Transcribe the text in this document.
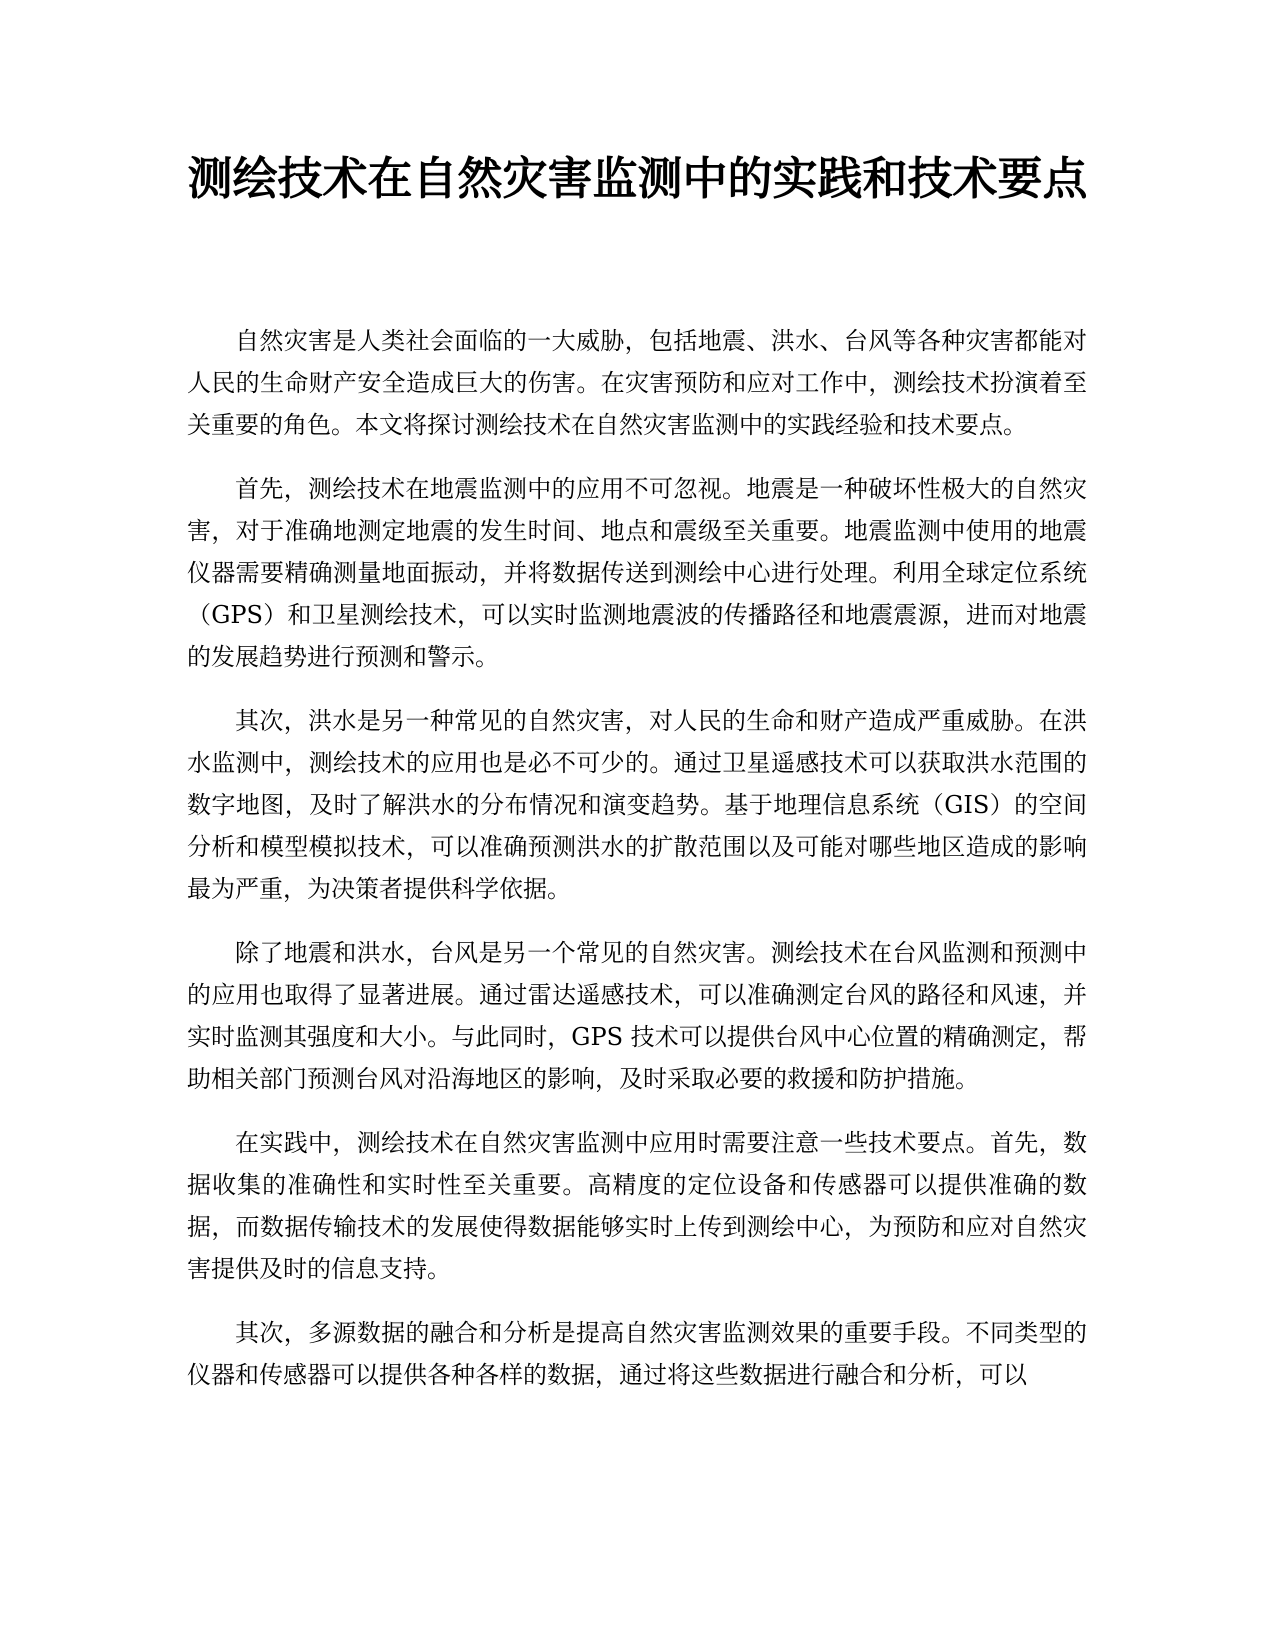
测绘技术在自然灾害监测中的实践和技术要点

自然灾害是人类社会面临的一大威胁，包括地震、洪水、台风等各种灾害都能对人民的生命财产安全造成巨大的伤害。在灾害预防和应对工作中，测绘技术扮演着至关重要的角色。本文将探讨测绘技术在自然灾害监测中的实践经验和技术要点。

首先，测绘技术在地震监测中的应用不可忽视。地震是一种破坏性极大的自然灾害，对于准确地测定地震的发生时间、地点和震级至关重要。地震监测中使用的地震仪器需要精确测量地面振动，并将数据传送到测绘中心进行处理。利用全球定位系统（GPS）和卫星测绘技术，可以实时监测地震波的传播路径和地震震源，进而对地震的发展趋势进行预测和警示。

其次，洪水是另一种常见的自然灾害，对人民的生命和财产造成严重威胁。在洪水监测中，测绘技术的应用也是必不可少的。通过卫星遥感技术可以获取洪水范围的数字地图，及时了解洪水的分布情况和演变趋势。基于地理信息系统（GIS）的空间分析和模型模拟技术，可以准确预测洪水的扩散范围以及可能对哪些地区造成的影响最为严重，为决策者提供科学依据。

除了地震和洪水，台风是另一个常见的自然灾害。测绘技术在台风监测和预测中的应用也取得了显著进展。通过雷达遥感技术，可以准确测定台风的路径和风速，并实时监测其强度和大小。与此同时，GPS 技术可以提供台风中心位置的精确测定，帮助相关部门预测台风对沿海地区的影响，及时采取必要的救援和防护措施。

在实践中，测绘技术在自然灾害监测中应用时需要注意一些技术要点。首先，数据收集的准确性和实时性至关重要。高精度的定位设备和传感器可以提供准确的数据，而数据传输技术的发展使得数据能够实时上传到测绘中心，为预防和应对自然灾害提供及时的信息支持。

其次，多源数据的融合和分析是提高自然灾害监测效果的重要手段。不同类型的仪器和传感器可以提供各种各样的数据，通过将这些数据进行融合和分析，可以
